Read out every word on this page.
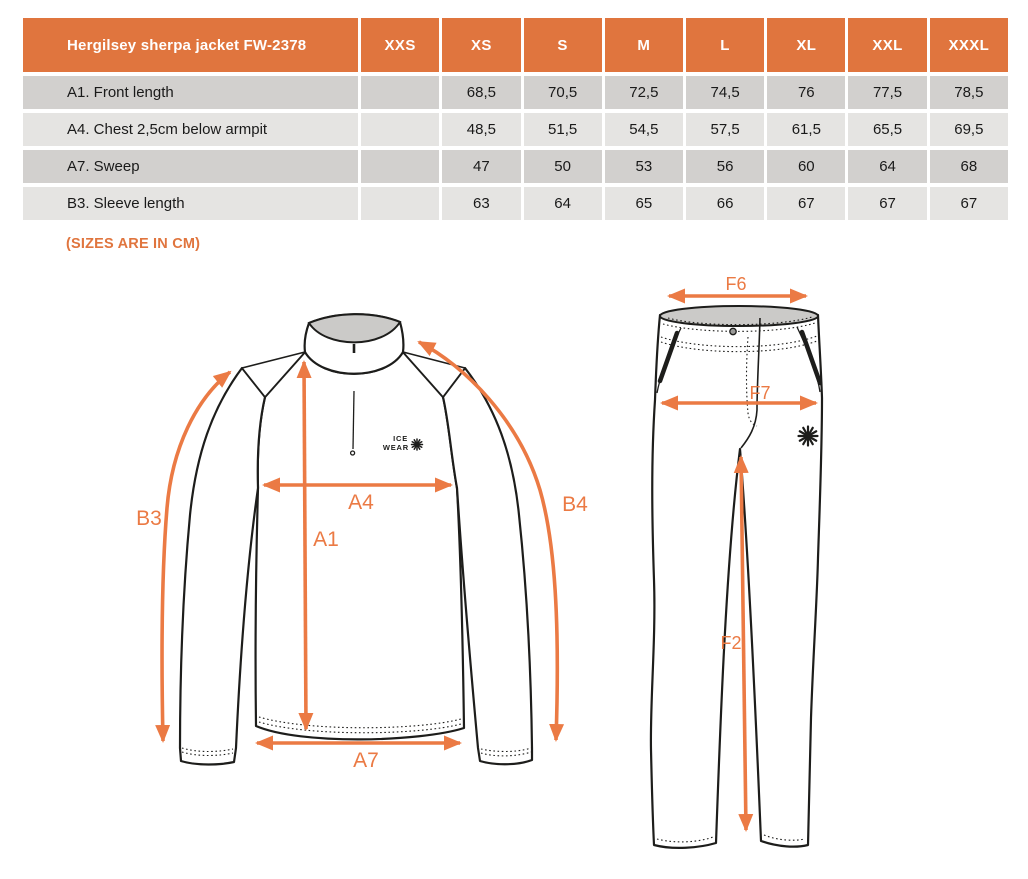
Hergilsey sherpa jacket FW-2378	XXS	XS	S	M	L	XL	XXL	XXXL
A1. Front length		68,5	70,5	72,5	74,5	76	77,5	78,5
A4. Chest 2,5cm below armpit		48,5	51,5	54,5	57,5	61,5	65,5	69,5
A7. Sweep		47	50	53	56	60	64	68
B3. Sleeve length		63	64	65	66	67	67	67
(SIZES ARE IN CM)
ICE
WEAR
B3
A4
A1
A7
B4
F6
F7
F2
